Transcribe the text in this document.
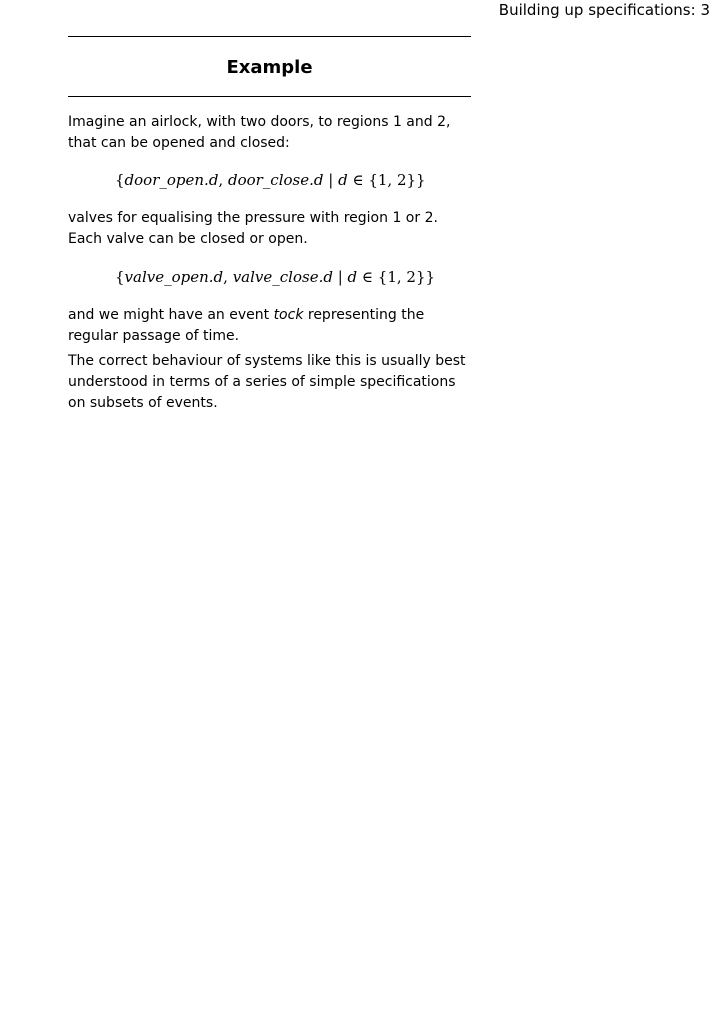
Building up specifications: 3
Example

Imagine an airlock, with two doors, to regions 1 and 2, that can be opened and closed:

{door_open.d, door_close.d | d ∈ {1, 2}}

valves for equalising the pressure with region 1 or 2. Each valve can be closed or open.

{valve_open.d, valve_close.d | d ∈ {1, 2}}

and we might have an event tock representing the regular passage of time.

The correct behaviour of systems like this is usually best understood in terms of a series of simple specifications on subsets of events.
